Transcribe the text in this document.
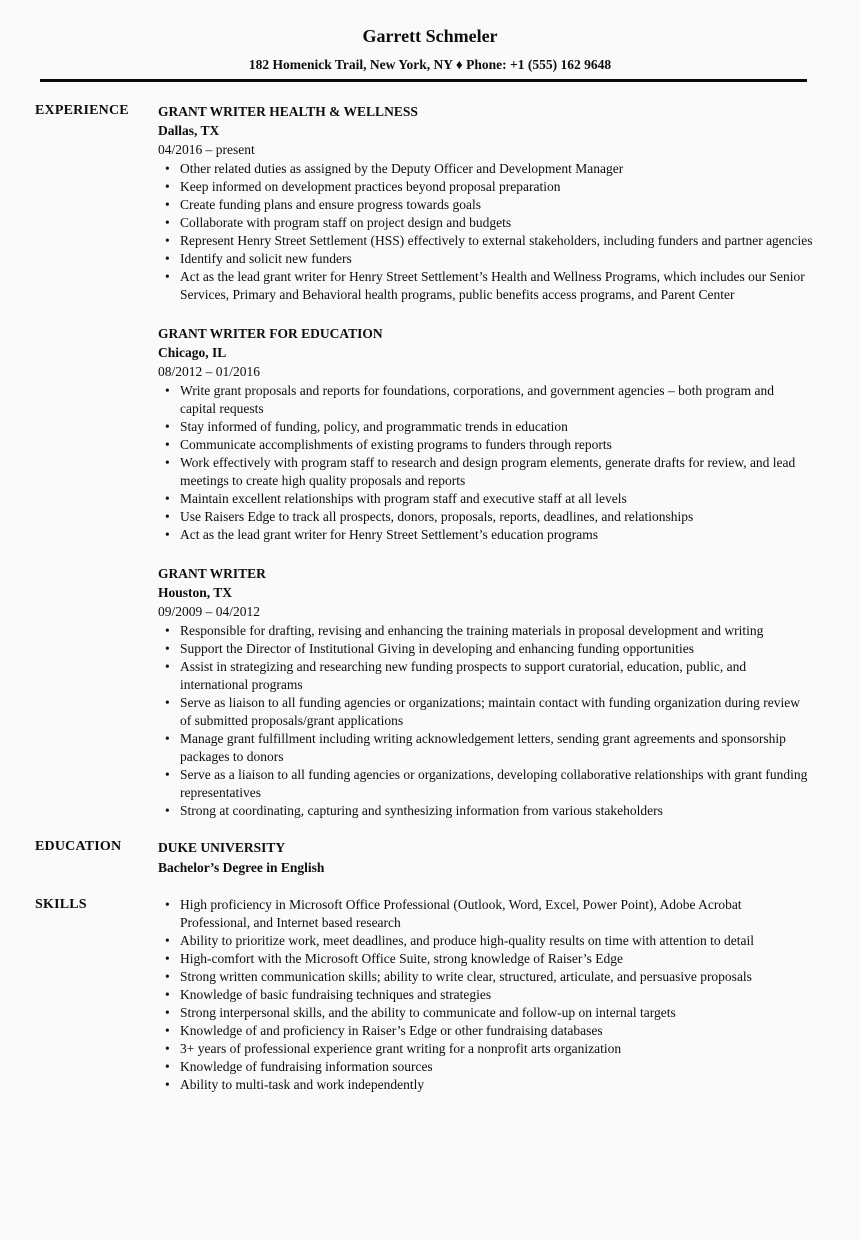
Garrett Schmeler
182 Homenick Trail, New York, NY ♦ Phone: +1 (555) 162 9648
EXPERIENCE	GRANT WRITER HEALTH & WELLNESS
Dallas, TX
04/2016 – present
• Other related duties as assigned by the Deputy Officer and Development Manager
• Keep informed on development practices beyond proposal preparation
• Create funding plans and ensure progress towards goals
• Collaborate with program staff on project design and budgets
• Represent Henry Street Settlement (HSS) effectively to external stakeholders, including funders and partner agencies
• Identify and solicit new funders
• Act as the lead grant writer for Henry Street Settlement’s Health and Wellness Programs, which includes our Senior Services, Primary and Behavioral health programs, public benefits access programs, and Parent Center
GRANT WRITER FOR EDUCATION
Chicago, IL
08/2012 – 01/2016
• Write grant proposals and reports for foundations, corporations, and government agencies – both program and capital requests
• Stay informed of funding, policy, and programmatic trends in education
• Communicate accomplishments of existing programs to funders through reports
• Work effectively with program staff to research and design program elements, generate drafts for review, and lead meetings to create high quality proposals and reports
• Maintain excellent relationships with program staff and executive staff at all levels
• Use Raisers Edge to track all prospects, donors, proposals, reports, deadlines, and relationships
• Act as the lead grant writer for Henry Street Settlement’s education programs
GRANT WRITER
Houston, TX
09/2009 – 04/2012
• Responsible for drafting, revising and enhancing the training materials in proposal development and writing
• Support the Director of Institutional Giving in developing and enhancing funding opportunities
• Assist in strategizing and researching new funding prospects to support curatorial, education, public, and international programs
• Serve as liaison to all funding agencies or organizations; maintain contact with funding organization during review of submitted proposals/grant applications
• Manage grant fulfillment including writing acknowledgement letters, sending grant agreements and sponsorship packages to donors
• Serve as a liaison to all funding agencies or organizations, developing collaborative relationships with grant funding representatives
• Strong at coordinating, capturing and synthesizing information from various stakeholders
EDUCATION	DUKE UNIVERSITY
Bachelor’s Degree in English
SKILLS	• High proficiency in Microsoft Office Professional (Outlook, Word, Excel, Power Point), Adobe Acrobat Professional, and Internet based research
• Ability to prioritize work, meet deadlines, and produce high-quality results on time with attention to detail
• High-comfort with the Microsoft Office Suite, strong knowledge of Raiser’s Edge
• Strong written communication skills; ability to write clear, structured, articulate, and persuasive proposals
• Knowledge of basic fundraising techniques and strategies
• Strong interpersonal skills, and the ability to communicate and follow-up on internal targets
• Knowledge of and proficiency in Raiser’s Edge or other fundraising databases
• 3+ years of professional experience grant writing for a nonprofit arts organization
• Knowledge of fundraising information sources
• Ability to multi-task and work independently
